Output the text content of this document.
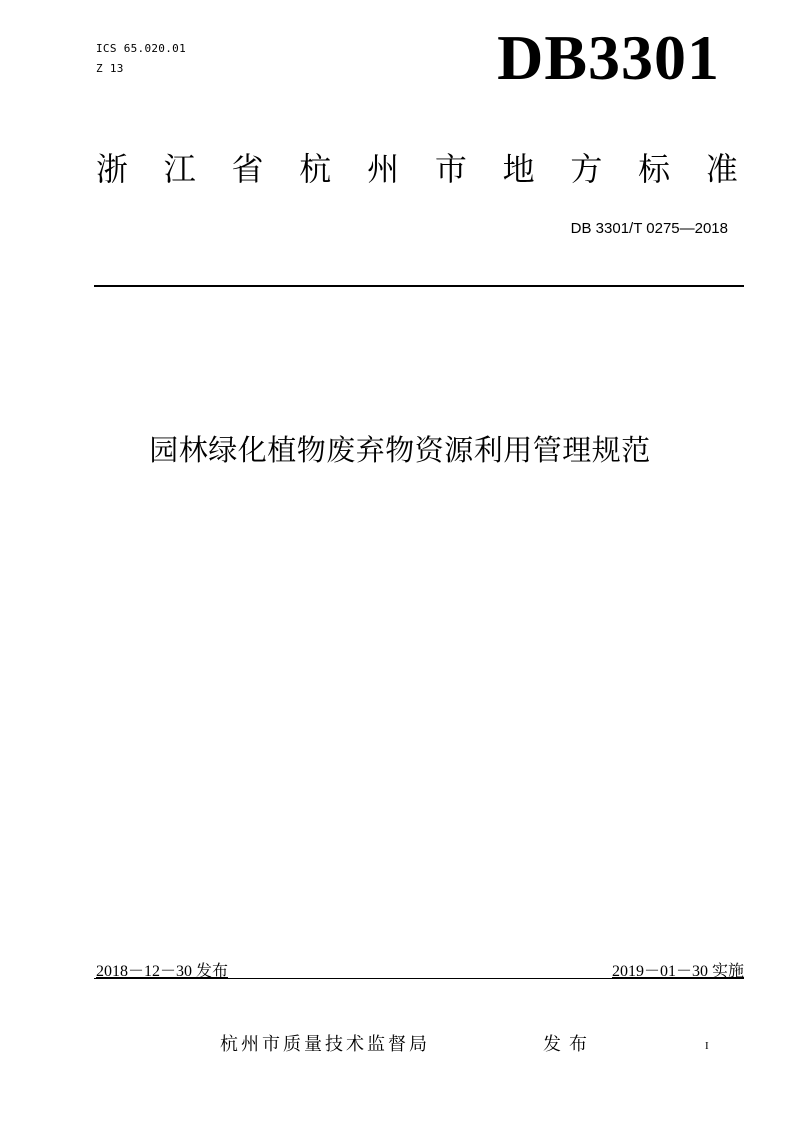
ICS 65.020.01
Z 13	DB3301
浙 江 省 杭 州 市 地 方 标 准
DB 3301/T 0275—2018
园林绿化植物废弃物资源利用管理规范
2018－12－30 发布	2019－01－30 实施
杭州市质量技术监督局	发布	I
